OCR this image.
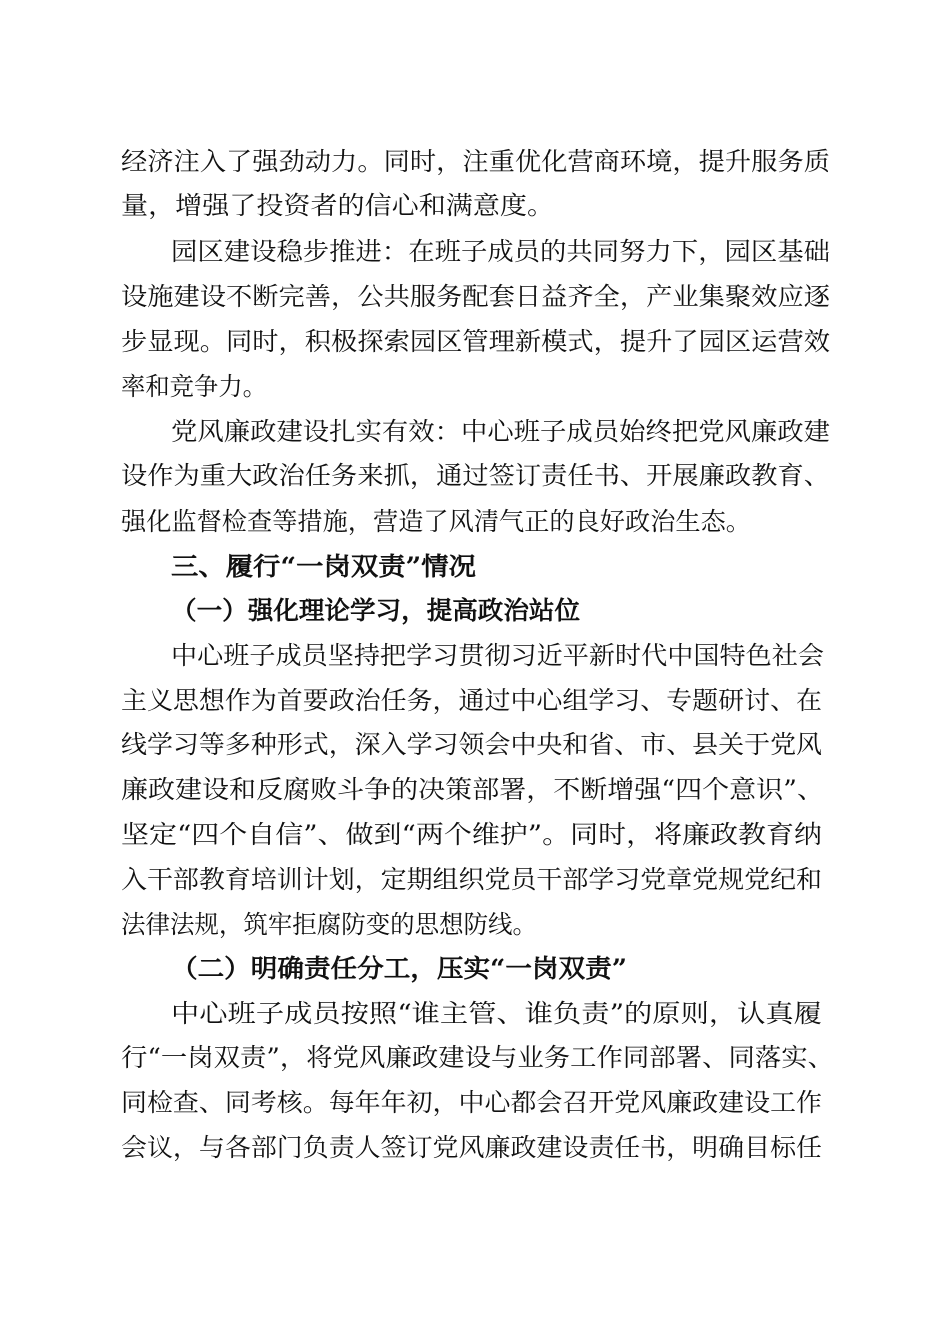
经济注入了强劲动力。同时，注重优化营商环境，提升服务质
量，增强了投资者的信心和满意度。
园区建设稳步推进：在班子成员的共同努力下，园区基础
设施建设不断完善，公共服务配套日益齐全，产业集聚效应逐
步显现。同时，积极探索园区管理新模式，提升了园区运营效
率和竞争力。
党风廉政建设扎实有效：中心班子成员始终把党风廉政建
设作为重大政治任务来抓，通过签订责任书、开展廉政教育、
强化监督检查等措施，营造了风清气正的良好政治生态。
三、履行“一岗双责”情况
（一）强化理论学习，提高政治站位
中心班子成员坚持把学习贯彻习近平新时代中国特色社会
主义思想作为首要政治任务，通过中心组学习、专题研讨、在
线学习等多种形式，深入学习领会中央和省、市、县关于党风
廉政建设和反腐败斗争的决策部署，不断增强“四个意识”、
坚定“四个自信”、做到“两个维护”。同时，将廉政教育纳
入干部教育培训计划，定期组织党员干部学习党章党规党纪和
法律法规，筑牢拒腐防变的思想防线。
（二）明确责任分工，压实“一岗双责”
中心班子成员按照“谁主管、谁负责”的原则，认真履
行“一岗双责”，将党风廉政建设与业务工作同部署、同落实、
同检查、同考核。每年年初，中心都会召开党风廉政建设工作
会议，与各部门负责人签订党风廉政建设责任书，明确目标任
